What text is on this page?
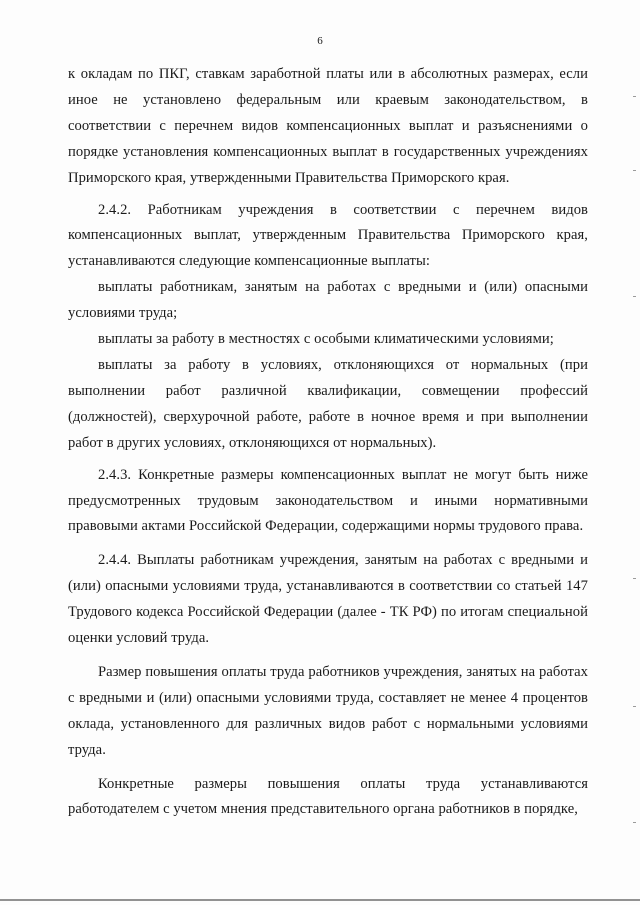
6

к окладам по ПКГ, ставкам заработной платы или в абсолютных размерах, если иное не установлено федеральным или краевым законодательством, в соответствии с перечнем видов компенсационных выплат и разъяснениями о порядке установления компенсационных выплат в государственных учреждениях Приморского края, утвержденными Правительства Приморского края.

2.4.2. Работникам учреждения в соответствии с перечнем видов компенсационных выплат, утвержденным Правительства Приморского края, устанавливаются следующие компенсационные выплаты:

выплаты работникам, занятым на работах с вредными и (или) опасными условиями труда;

выплаты за работу в местностях с особыми климатическими условиями;

выплаты за работу в условиях, отклоняющихся от нормальных (при выполнении работ различной квалификации, совмещении профессий (должностей), сверхурочной работе, работе в ночное время и при выполнении работ в других условиях, отклоняющихся от нормальных).

2.4.3. Конкретные размеры компенсационных выплат не могут быть ниже предусмотренных трудовым законодательством и иными нормативными правовыми актами Российской Федерации, содержащими нормы трудового права.

2.4.4. Выплаты работникам учреждения, занятым на работах с вредными и (или) опасными условиями труда, устанавливаются в соответствии со статьей 147 Трудового кодекса Российской Федерации (далее - ТК РФ) по итогам специальной оценки условий труда.

Размер повышения оплаты труда работников учреждения, занятых на работах с вредными и (или) опасными условиями труда, составляет не менее 4 процентов оклада, установленного для различных видов работ с нормальными условиями труда.

Конкретные размеры повышения оплаты труда устанавливаются работодателем с учетом мнения представительного органа работников в порядке,
